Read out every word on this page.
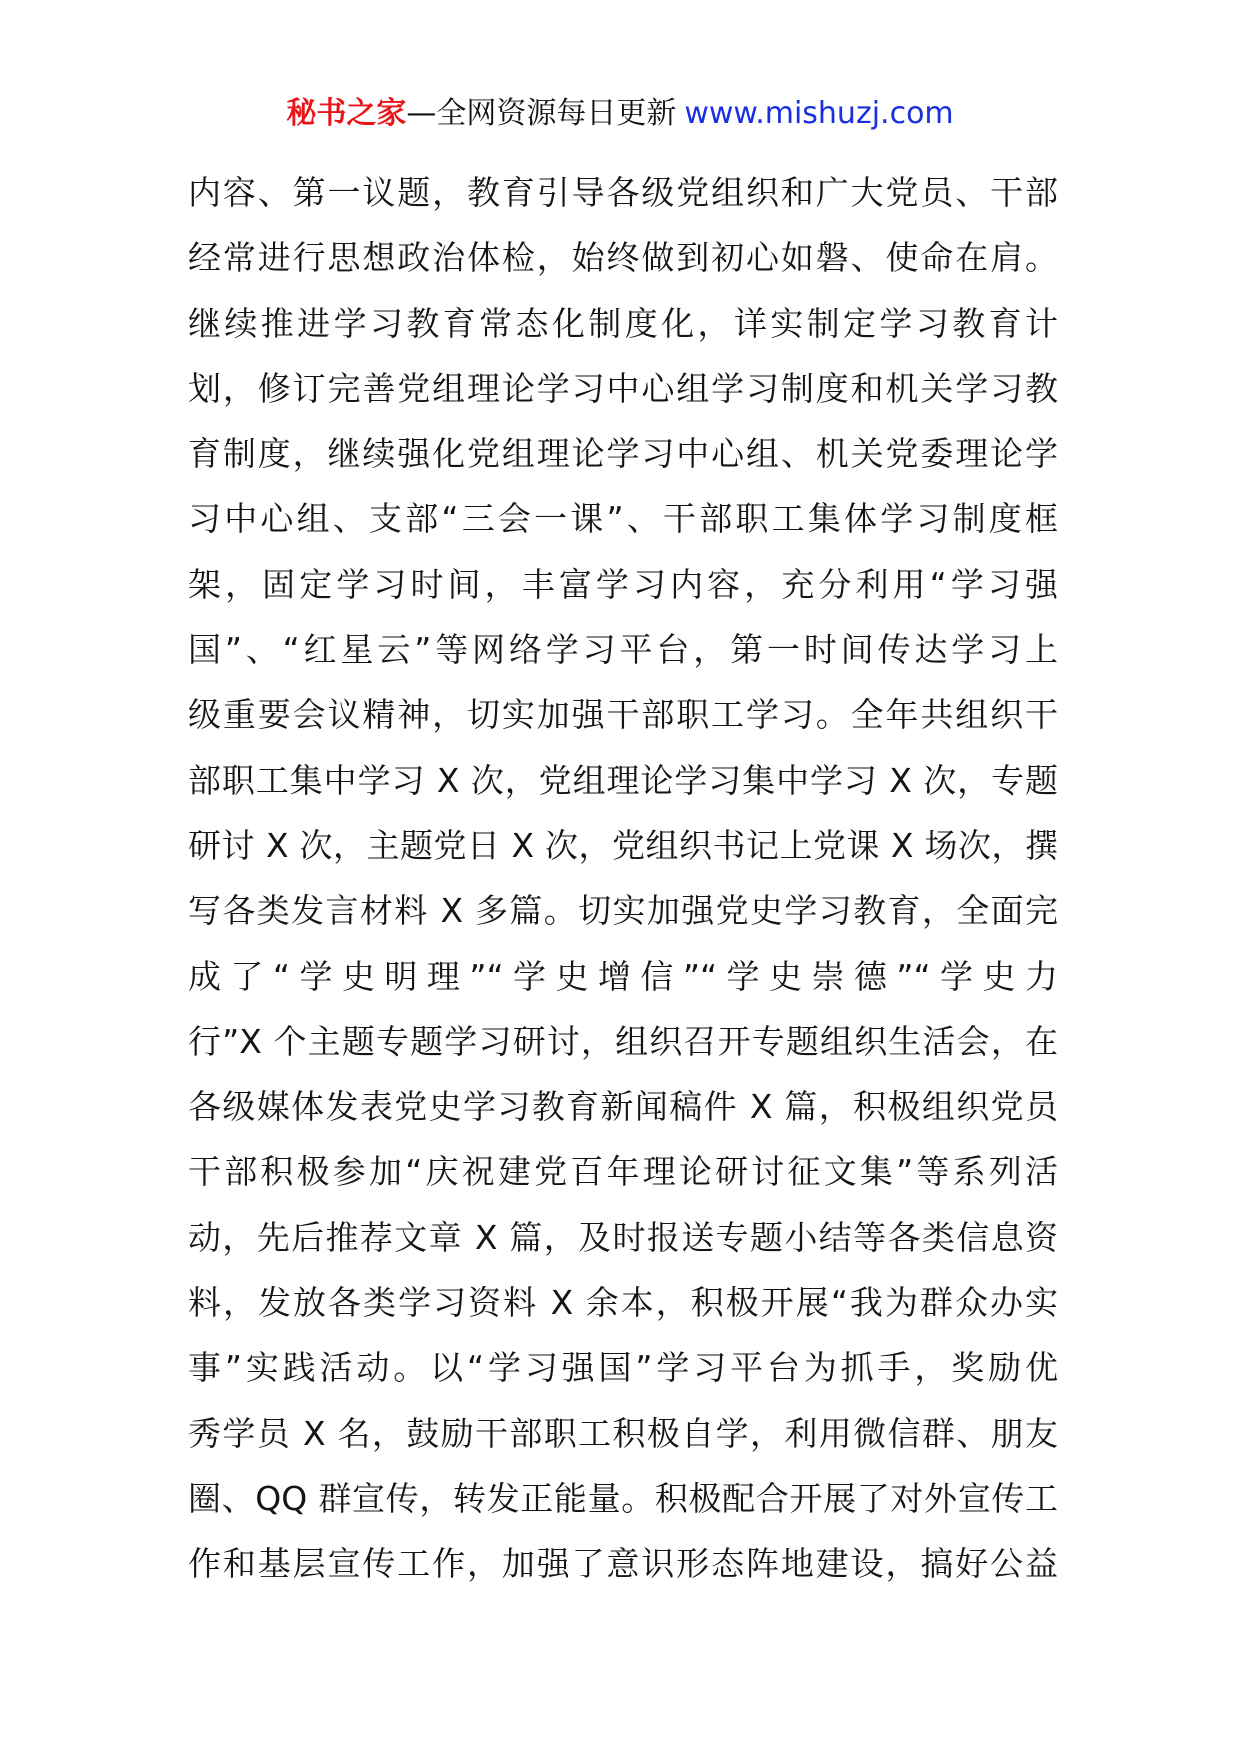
秘书之家—全网资源每日更新 www.mishuzj.com
内容、第一议题，教育引导各级党组织和广大党员、干部
经常进行思想政治体检，始终做到初心如磐、使命在肩。
继续推进学习教育常态化制度化，详实制定学习教育计
划，修订完善党组理论学习中心组学习制度和机关学习教
育制度，继续强化党组理论学习中心组、机关党委理论学
习中心组、支部“三会一课”、干部职工集体学习制度框
架，固定学习时间，丰富学习内容，充分利用“学习强
国”、“红星云”等网络学习平台，第一时间传达学习上
级重要会议精神，切实加强干部职工学习。全年共组织干
部职工集中学习 X 次，党组理论学习集中学习 X 次，专题
研讨 X 次，主题党日 X 次，党组织书记上党课 X 场次，撰
写各类发言材料 X 多篇。切实加强党史学习教育，全面完
成了“学史明理”“学史增信”“学史崇德”“学史力
行”X 个主题专题学习研讨，组织召开专题组织生活会，在
各级媒体发表党史学习教育新闻稿件 X 篇，积极组织党员
干部积极参加“庆祝建党百年理论研讨征文集”等系列活
动，先后推荐文章 X 篇，及时报送专题小结等各类信息资
料，发放各类学习资料 X 余本，积极开展“我为群众办实
事”实践活动。以“学习强国”学习平台为抓手，奖励优
秀学员 X 名，鼓励干部职工积极自学，利用微信群、朋友
圈、QQ 群宣传，转发正能量。积极配合开展了对外宣传工
作和基层宣传工作，加强了意识形态阵地建设，搞好公益
